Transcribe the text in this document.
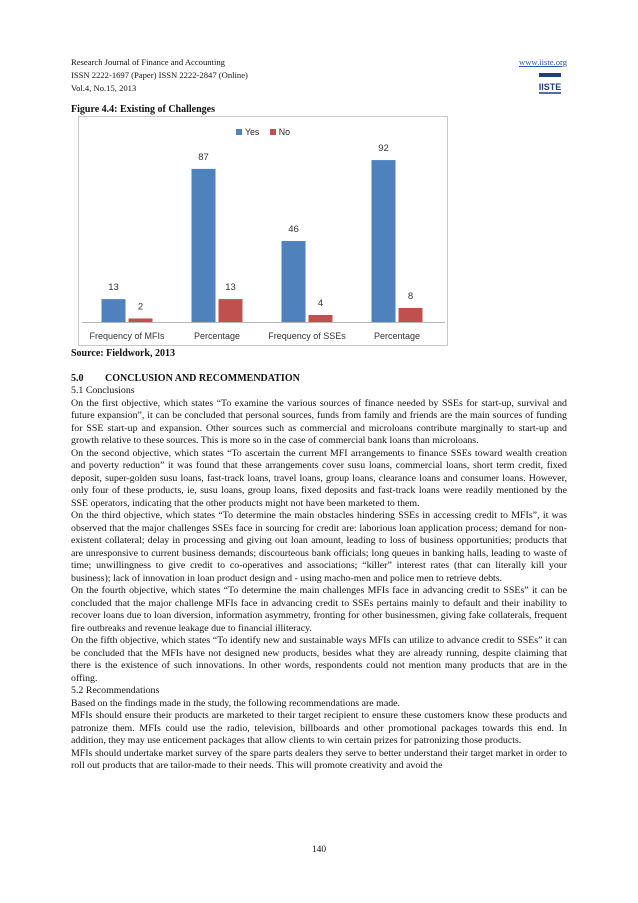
Research Journal of Finance and Accounting
ISSN 2222-1697 (Paper) ISSN 2222-2847 (Online)
Vol.4, No.15, 2013
www.iiste.org
IISTE
Figure 4.4: Existing of Challenges
Yes No
13
2
Frequency of MFIs
87
13
Percentage
46
4
Frequency of SSEs
92
8
Percentage
Source: Fieldwork, 2013
5.0 CONCLUSION AND RECOMMENDATION

5.1 Conclusions

On the first objective, which states “To examine the various sources of finance needed by SSEs for start-up, survival and future expansion”, it can be concluded that personal sources, funds from family and friends are the main sources of funding for SSE start-up and expansion. Other sources such as commercial and microloans contribute marginally to start-up and growth relative to these sources. This is more so in the case of commercial bank loans than microloans.

On the second objective, which states “To ascertain the current MFI arrangements to finance SSEs toward wealth creation and poverty reduction” it was found that these arrangements cover susu loans, commercial loans, short term credit, fixed deposit, super-golden susu loans, fast-track loans, travel loans, group loans, clearance loans and consumer loans. However, only four of these products, ie, susu loans, group loans, fixed deposits and fast-track loans were readily mentioned by the SSE operators, indicating that the other products might not have been marketed to them.

On the third objective, which states “To determine the main obstacles hindering SSEs in accessing credit to MFIs”, it was observed that the major challenges SSEs face in sourcing for credit are: laborious loan application process; demand for non-existent collateral; delay in processing and giving out loan amount, leading to loss of business opportunities; products that are unresponsive to current business demands; discourteous bank officials; long queues in banking halls, leading to waste of time; unwillingness to give credit to co-operatives and associations; “killer” interest rates (that can literally kill your business); lack of innovation in loan product design and - using macho-men and police men to retrieve debts.

On the fourth objective, which states “To determine the main challenges MFIs face in advancing credit to SSEs” it can be concluded that the major challenge MFIs face in advancing credit to SSEs pertains mainly to default and their inability to recover loans due to loan diversion, information asymmetry, fronting for other businessmen, giving fake collaterals, frequent fire outbreaks and revenue leakage due to financial illiteracy.

On the fifth objective, which states “To identify new and sustainable ways MFIs can utilize to advance credit to SSEs” it can be concluded that the MFIs have not designed new products, besides what they are already running, despite claiming that there is the existence of such innovations. In other words, respondents could not mention many products that are in the offing.

5.2 Recommendations

Based on the findings made in the study, the following recommendations are made.

MFIs should ensure their products are marketed to their target recipient to ensure these customers know these products and patronize them. MFIs could use the radio, television, billboards and other promotional packages towards this end. In addition, they may use enticement packages that allow clients to win certain prizes for patronizing those products.

MFIs should undertake market survey of the spare parts dealers they serve to better understand their target market in order to roll out products that are tailor-made to their needs. This will promote creativity and avoid the

140
